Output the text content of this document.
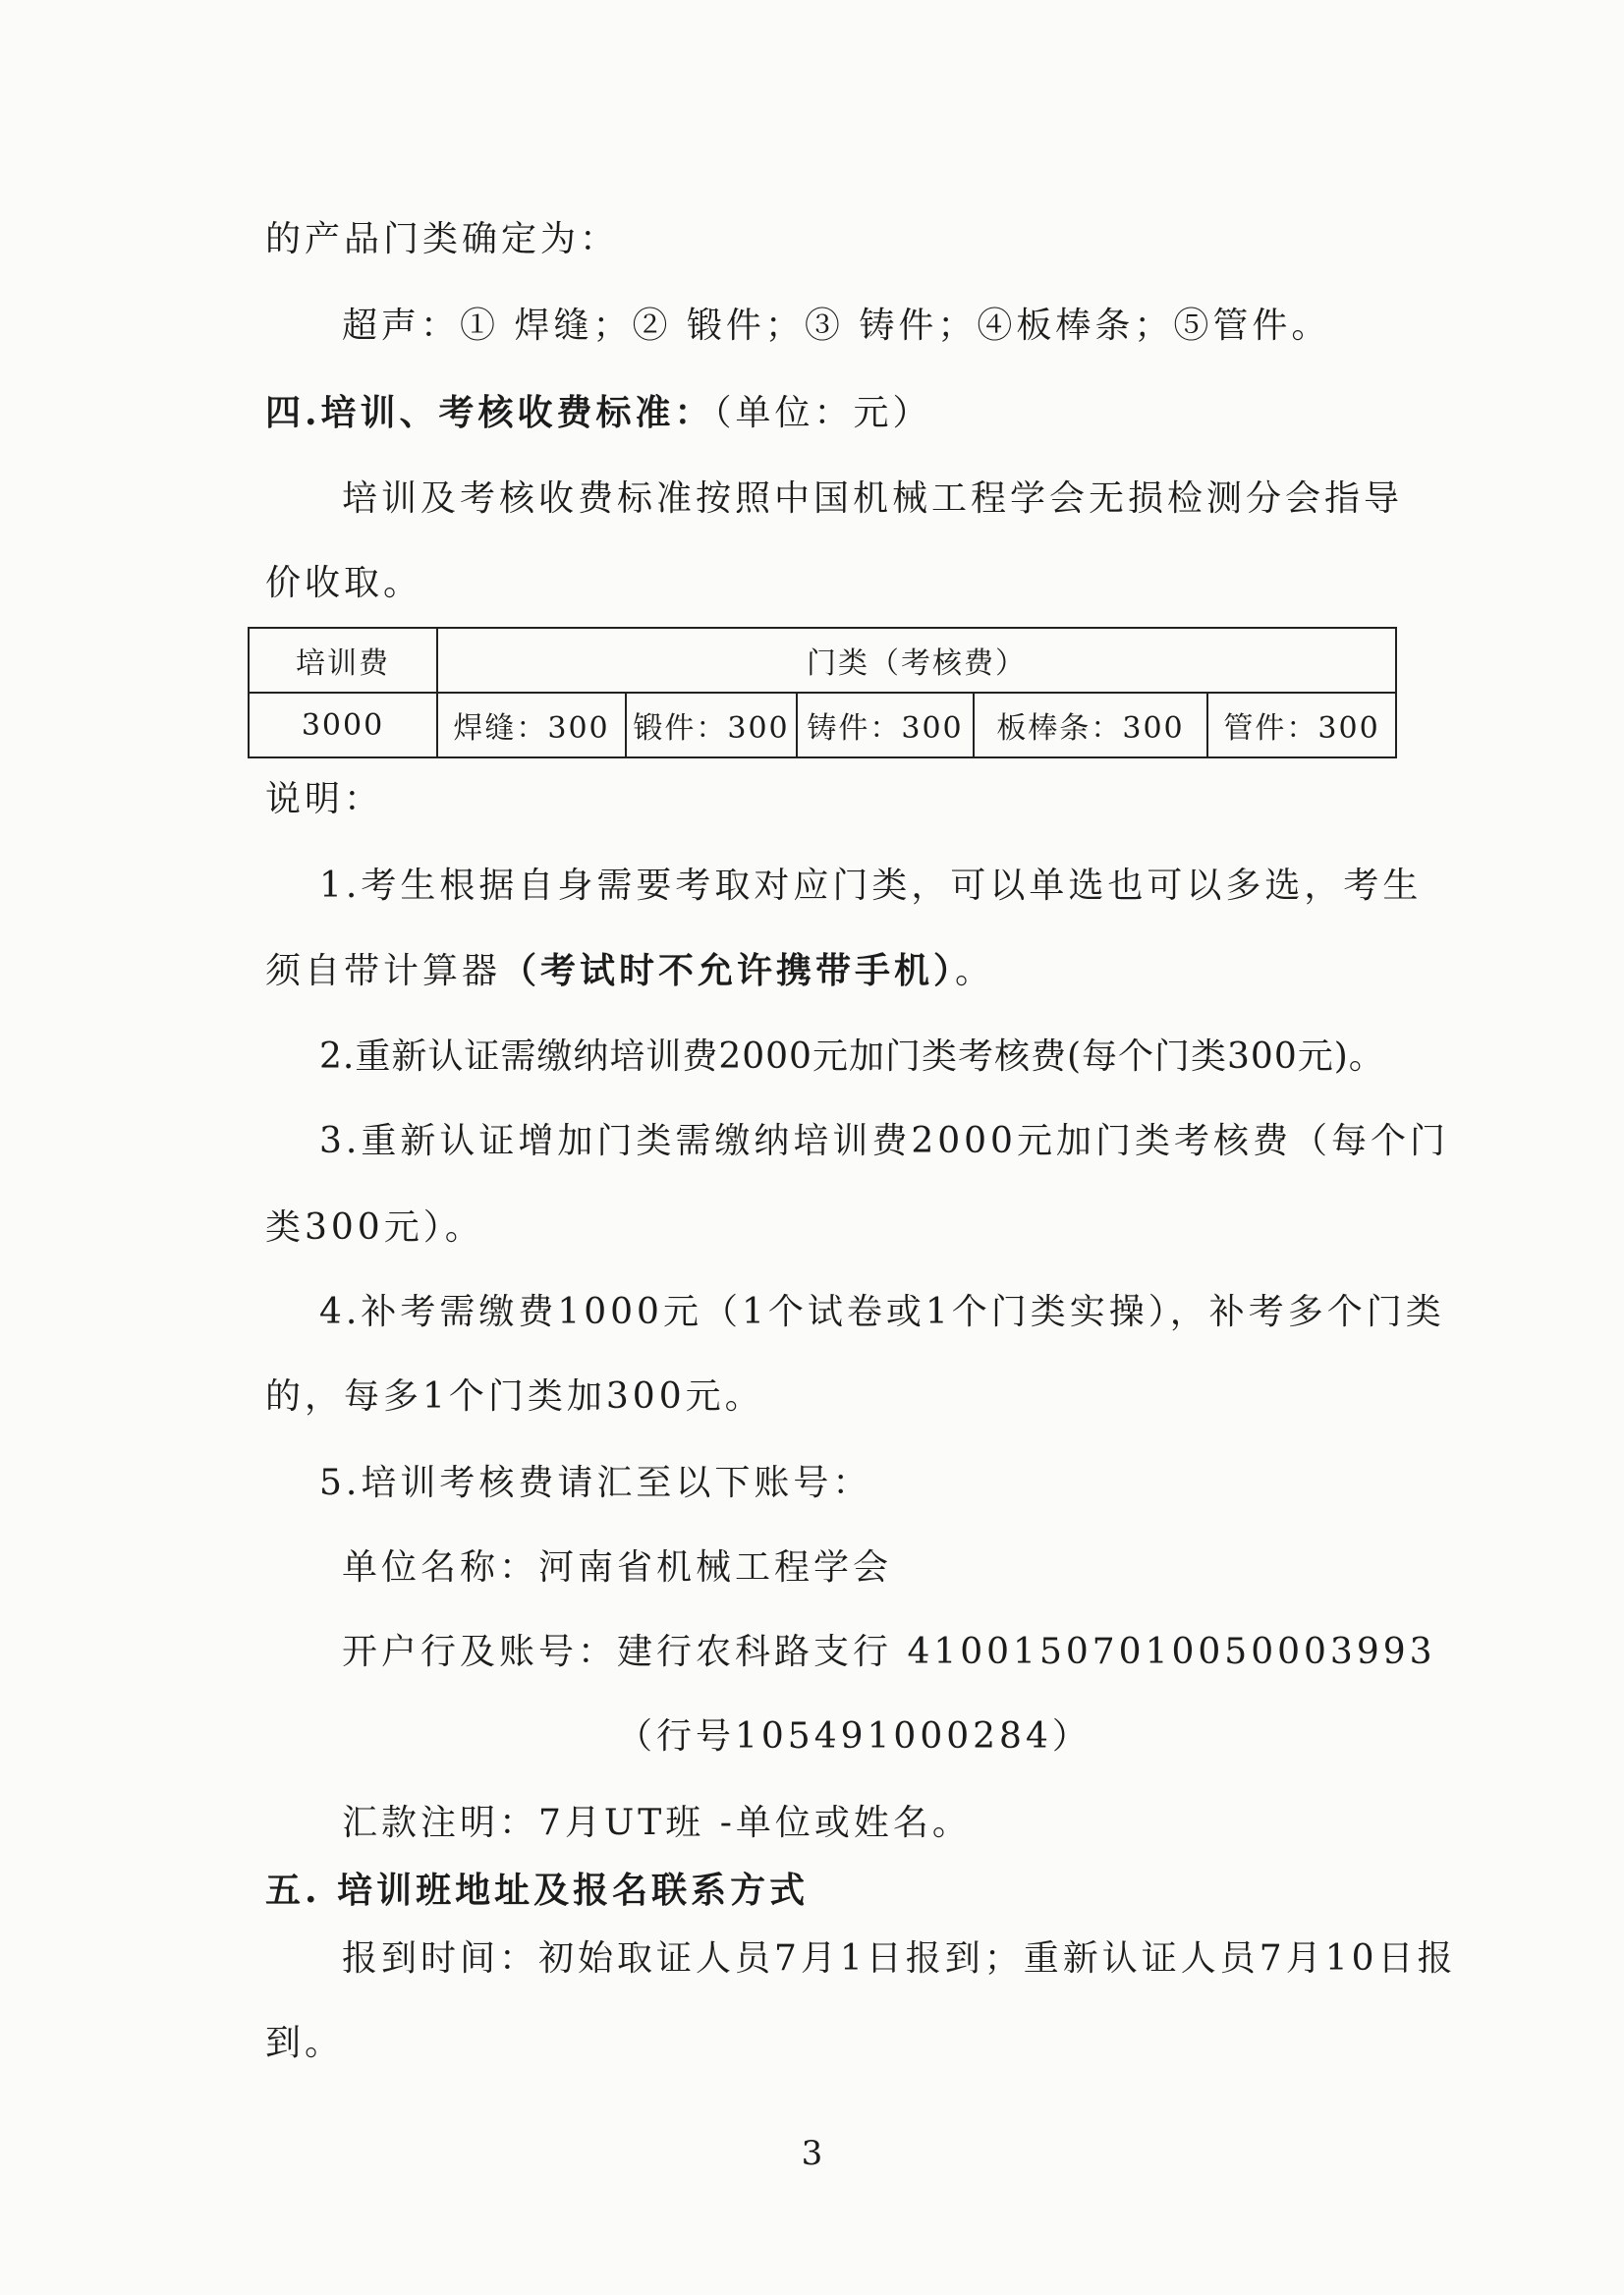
的产品门类确定为：
超声：① 焊缝；② 锻件；③ 铸件；④板棒条；⑤管件。
四.培训、考核收费标准：（单位：元）
培训及考核收费标准按照中国机械工程学会无损检测分会指导
价收取。
培训费	门类（考核费）				
3000	焊缝：300	锻件：300	铸件：300	板棒条：300	管件：300
说明：
1.考生根据自身需要考取对应门类，可以单选也可以多选，考生
须自带计算器（考试时不允许携带手机）。
2.重新认证需缴纳培训费2000元加门类考核费(每个门类300元)。
3.重新认证增加门类需缴纳培训费2000元加门类考核费（每个门
类300元）。
4.补考需缴费1000元（1个试卷或1个门类实操），补考多个门类
的，每多1个门类加300元。
5.培训考核费请汇至以下账号：
单位名称：河南省机械工程学会
开户行及账号：建行农科路支行 41001507010050003993
（行号105491000284）
汇款注明：7月UT班 -单位或姓名。
五. 培训班地址及报名联系方式
报到时间：初始取证人员7月1日报到；重新认证人员7月10日报
到。
3
